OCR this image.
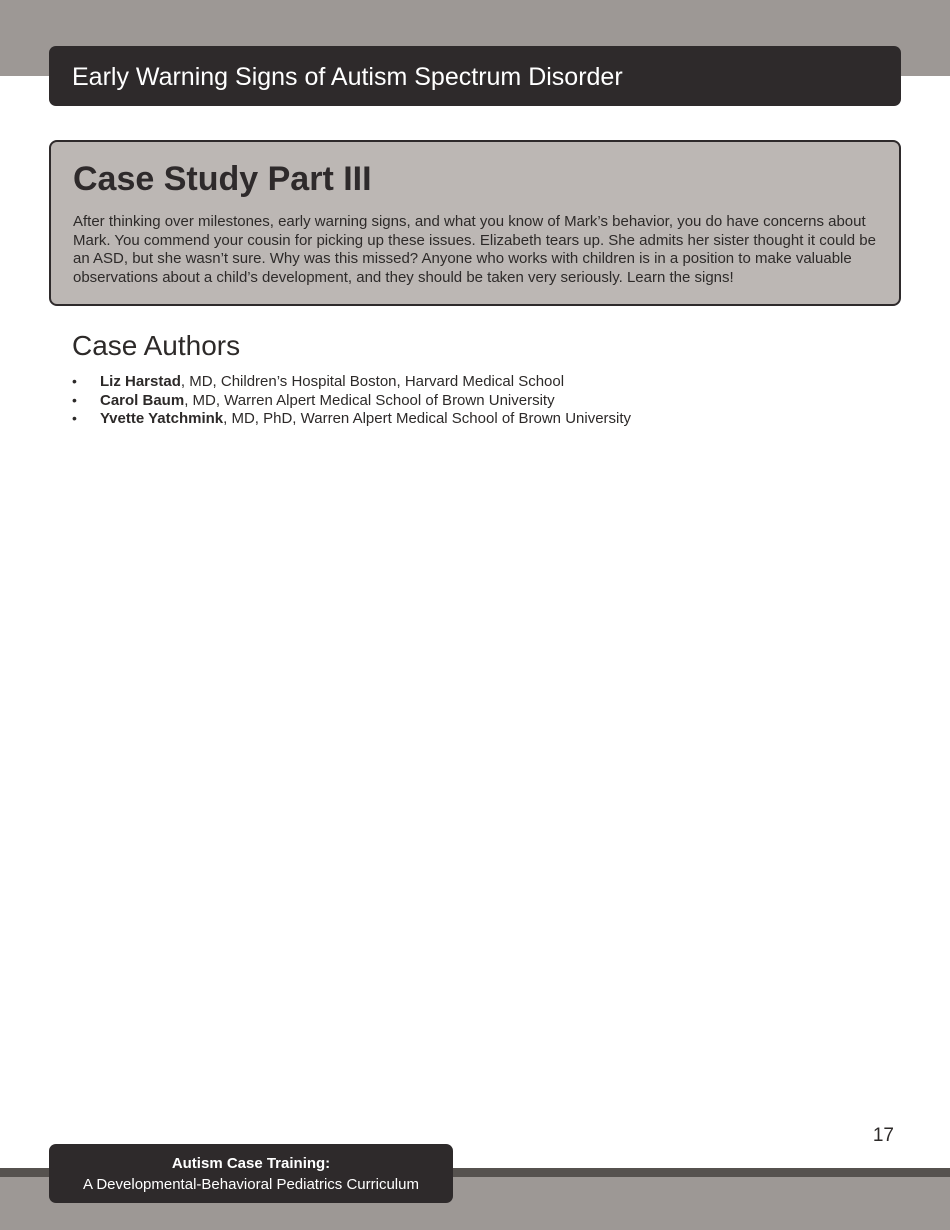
Early Warning Signs of Autism Spectrum Disorder
Case Study Part III

After thinking over milestones, early warning signs, and what you know of Mark’s behavior, you do have concerns about Mark. You commend your cousin for picking up these issues. Elizabeth tears up. She admits her sister thought it could be an ASD, but she wasn’t sure. Why was this missed? Anyone who works with children is in a position to make valuable observations about a child’s development, and they should be taken very seriously. Learn the signs!

Case Authors
• Liz Harstad, MD, Children’s Hospital Boston, Harvard Medical School
• Carol Baum, MD, Warren Alpert Medical School of Brown University
• Yvette Yatchmink, MD, PhD, Warren Alpert Medical School of Brown University
17
Autism Case Training:
A Developmental-Behavioral Pediatrics Curriculum
